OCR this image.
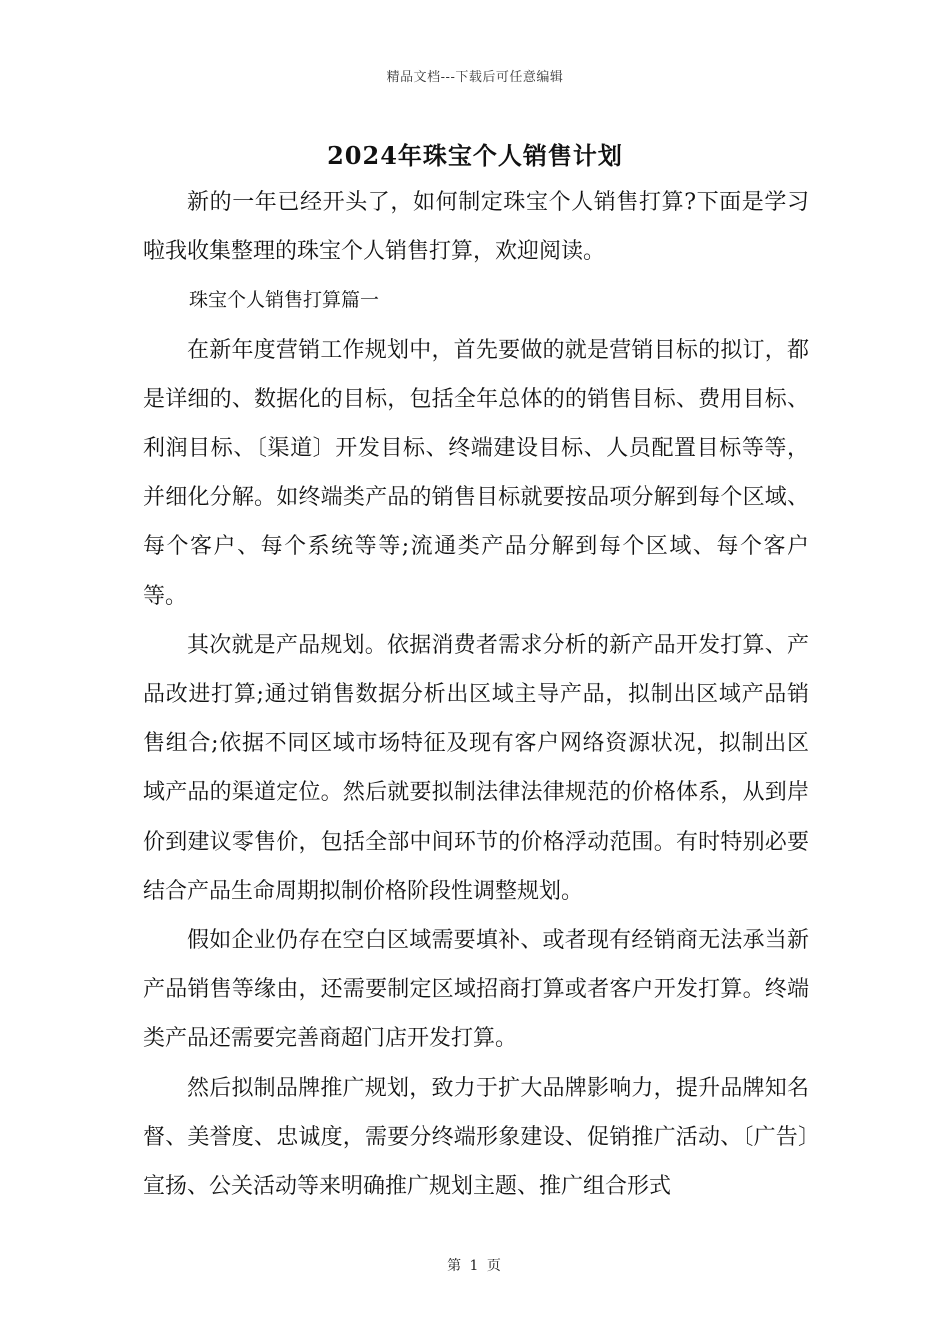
精品文档---下载后可任意编辑
2024年珠宝个人销售计划

新的一年已经开头了，如何制定珠宝个人销售打算?下面是学习啦我收集整理的珠宝个人销售打算，欢迎阅读。

珠宝个人销售打算篇一

在新年度营销工作规划中，首先要做的就是营销目标的拟订，都是详细的、数据化的目标，包括全年总体的的销售目标、费用目标、利润目标、〔渠道〕开发目标、终端建设目标、人员配置目标等等，并细化分解。如终端类产品的销售目标就要按品项分解到每个区域、每个客户、每个系统等等;流通类产品分解到每个区域、每个客户等。

其次就是产品规划。依据消费者需求分析的新产品开发打算、产品改进打算;通过销售数据分析出区域主导产品，拟制出区域产品销售组合;依据不同区域市场特征及现有客户网络资源状况，拟制出区域产品的渠道定位。然后就要拟制法律法律规范的价格体系，从到岸价到建议零售价，包括全部中间环节的价格浮动范围。有时特别必要结合产品生命周期拟制价格阶段性调整规划。

假如企业仍存在空白区域需要填补、或者现有经销商无法承当新产品销售等缘由，还需要制定区域招商打算或者客户开发打算。终端类产品还需要完善商超门店开发打算。

然后拟制品牌推广规划，致力于扩大品牌影响力，提升品牌知名督、美誉度、忠诚度，需要分终端形象建设、促销推广活动、〔广告〕宣扬、公关活动等来明确推广规划主题、推广组合形式

第 1 页
